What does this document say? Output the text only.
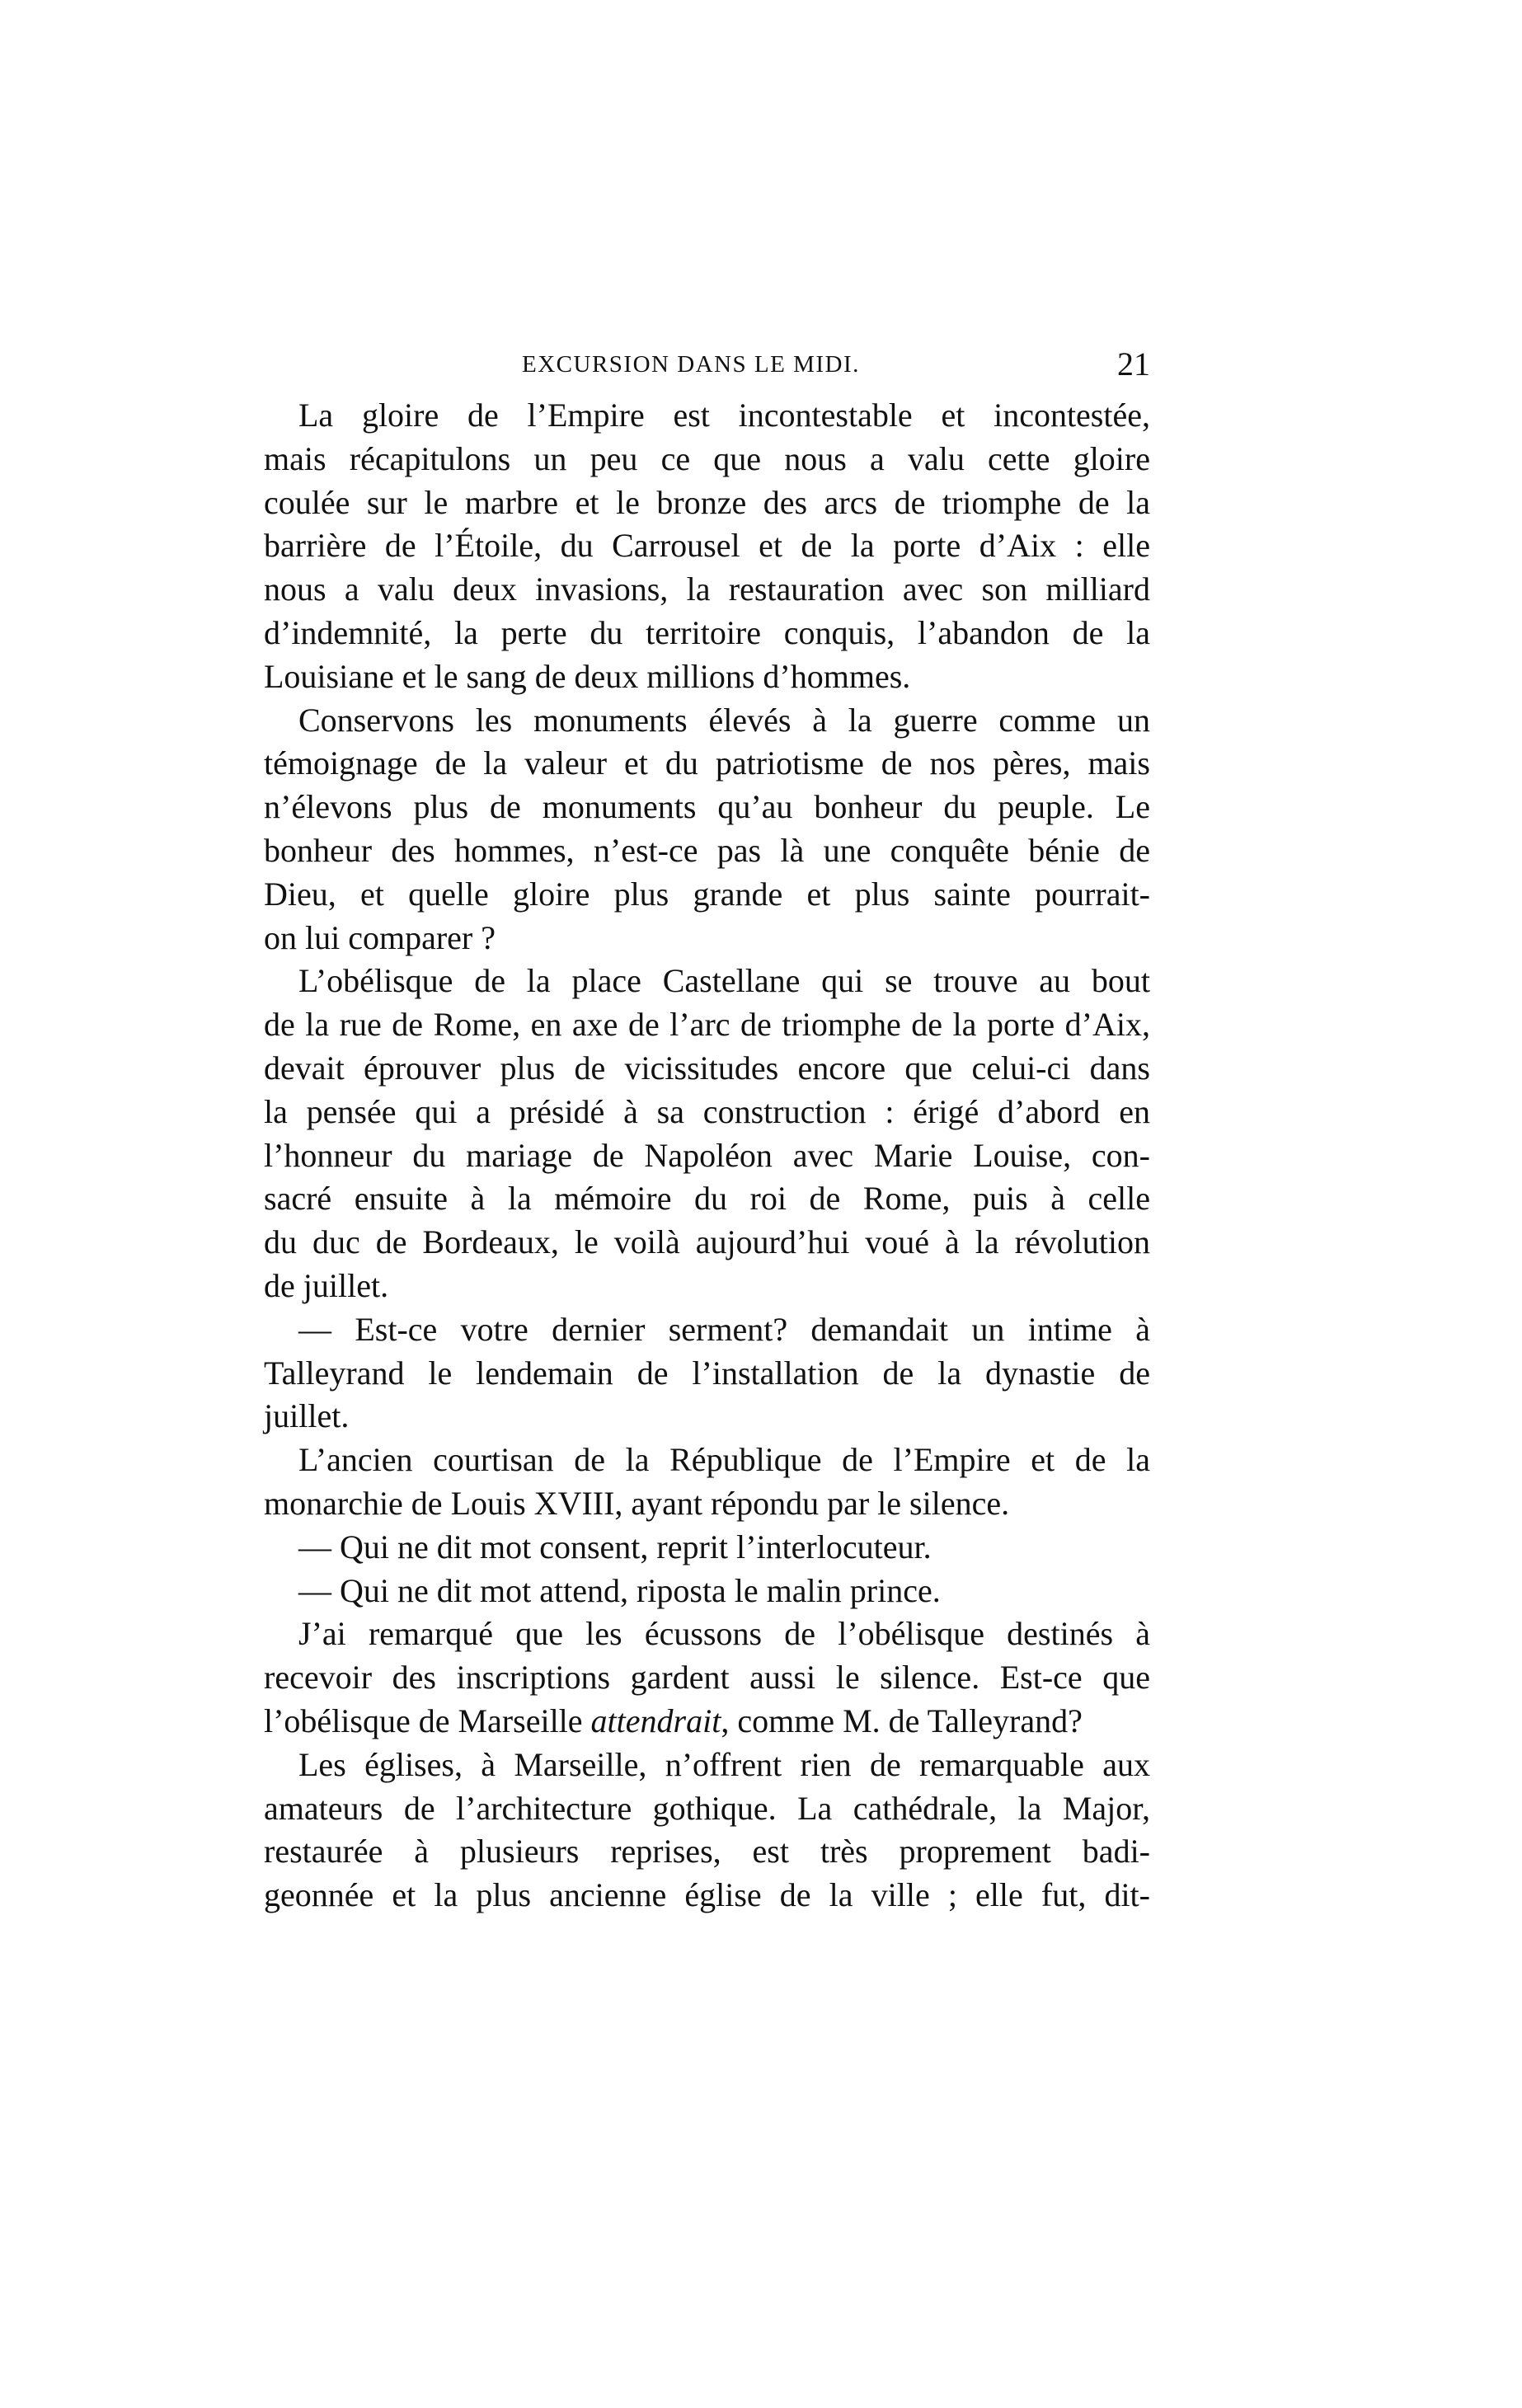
EXCURSION DANS LE MIDI.	21
La gloire de l’Empire est incontestable et incontestée,
mais récapitulons un peu ce que nous a valu cette gloire
coulée sur le marbre et le bronze des arcs de triomphe de la
barrière de l’Étoile, du Carrousel et de la porte d’Aix : elle
nous a valu deux invasions, la restauration avec son milliard
d’indemnité, la perte du territoire conquis, l’abandon de la
Louisiane et le sang de deux millions d’hommes.
Conservons les monuments élevés à la guerre comme un
témoignage de la valeur et du patriotisme de nos pères, mais
n’élevons plus de monuments qu’au bonheur du peuple. Le
bonheur des hommes, n’est-ce pas là une conquête bénie de
Dieu, et quelle gloire plus grande et plus sainte pourrait-
on lui comparer ?
L’obélisque de la place Castellane qui se trouve au bout
de la rue de Rome, en axe de l’arc de triomphe de la porte d’Aix,
devait éprouver plus de vicissitudes encore que celui-ci dans
la pensée qui a présidé à sa construction : érigé d’abord en
l’honneur du mariage de Napoléon avec Marie Louise, con-
sacré ensuite à la mémoire du roi de Rome, puis à celle
du duc de Bordeaux, le voilà aujourd’hui voué à la révolution
de juillet.
— Est-ce votre dernier serment? demandait un intime à
Talleyrand le lendemain de l’installation de la dynastie de
juillet.
L’ancien courtisan de la République de l’Empire et de la
monarchie de Louis XVIII, ayant répondu par le silence.
— Qui ne dit mot consent, reprit l’interlocuteur.
— Qui ne dit mot attend, riposta le malin prince.
J’ai remarqué que les écussons de l’obélisque destinés à
recevoir des inscriptions gardent aussi le silence. Est-ce que
l’obélisque de Marseille attendrait, comme M. de Talleyrand?
Les églises, à Marseille, n’offrent rien de remarquable aux
amateurs de l’architecture gothique. La cathédrale, la Major,
restaurée à plusieurs reprises, est très proprement badi-
geonnée et la plus ancienne église de la ville ; elle fut, dit-
